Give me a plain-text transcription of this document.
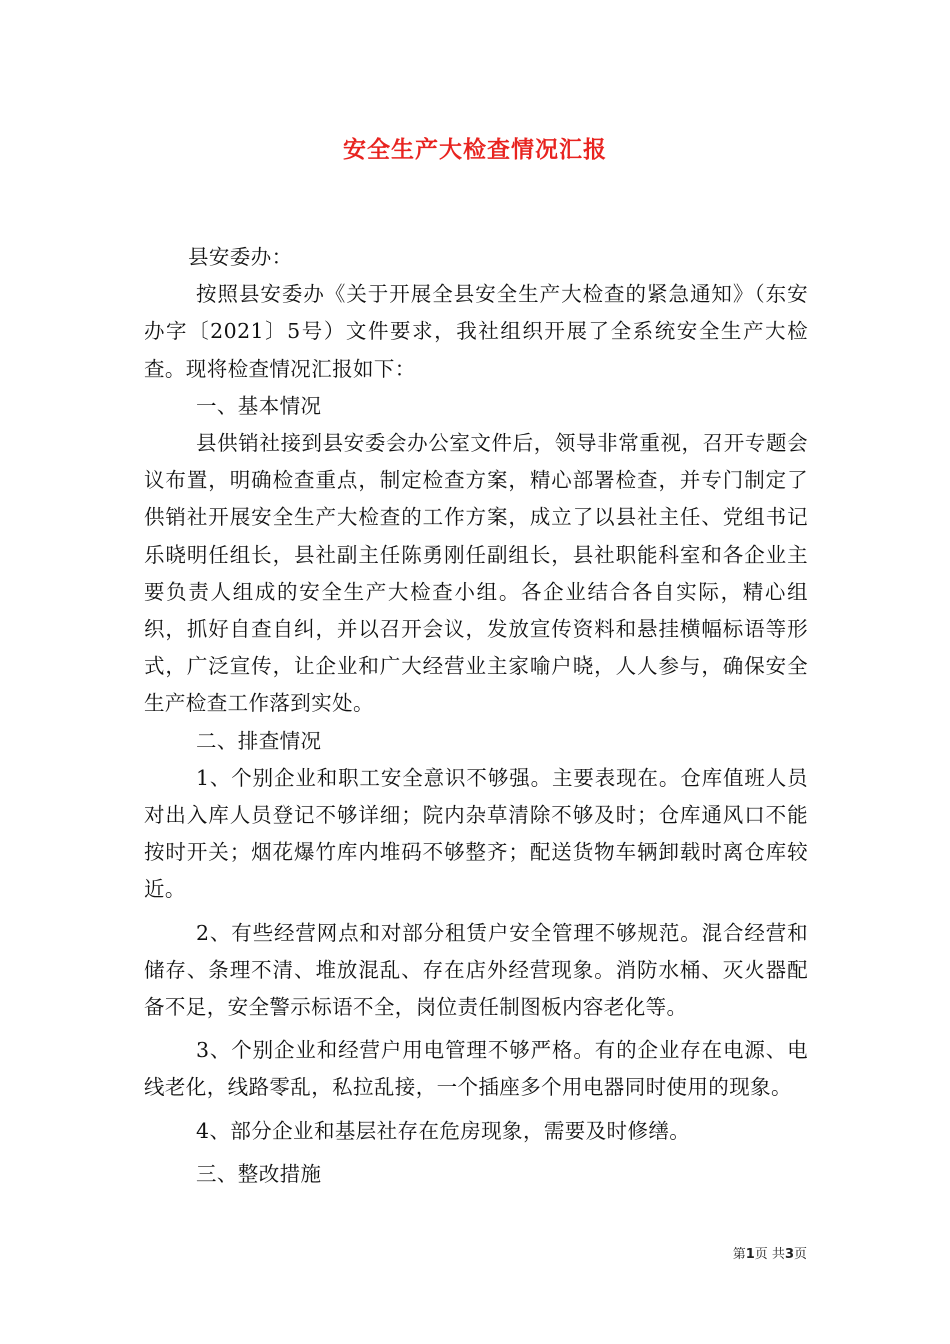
安全生产大检查情况汇报

县安委办：

按照县安委办《关于开展全县安全生产大检查的紧急通知》（东安办字〔2021〕5号）文件要求，我社组织开展了全系统安全生产大检查。现将检查情况汇报如下：

一、基本情况

县供销社接到县安委会办公室文件后，领导非常重视，召开专题会议布置，明确检查重点，制定检查方案，精心部署检查，并专门制定了供销社开展安全生产大检查的工作方案，成立了以县社主任、党组书记乐晓明任组长，县社副主任陈勇刚任副组长，县社职能科室和各企业主要负责人组成的安全生产大检查小组。各企业结合各自实际，精心组织，抓好自查自纠，并以召开会议，发放宣传资料和悬挂横幅标语等形式，广泛宣传，让企业和广大经营业主家喻户晓，人人参与，确保安全生产检查工作落到实处。

二、排查情况

1、个别企业和职工安全意识不够强。主要表现在。仓库值班人员对出入库人员登记不够详细；院内杂草清除不够及时；仓库通风口不能按时开关；烟花爆竹库内堆码不够整齐；配送货物车辆卸载时离仓库较近。

2、有些经营网点和对部分租赁户安全管理不够规范。混合经营和储存、条理不清、堆放混乱、存在店外经营现象。消防水桶、灭火器配备不足，安全警示标语不全，岗位责任制图板内容老化等。

3、个别企业和经营户用电管理不够严格。有的企业存在电源、电线老化，线路零乱，私拉乱接，一个插座多个用电器同时使用的现象。

4、部分企业和基层社存在危房现象，需要及时修缮。

三、整改措施

第1页 共3页
